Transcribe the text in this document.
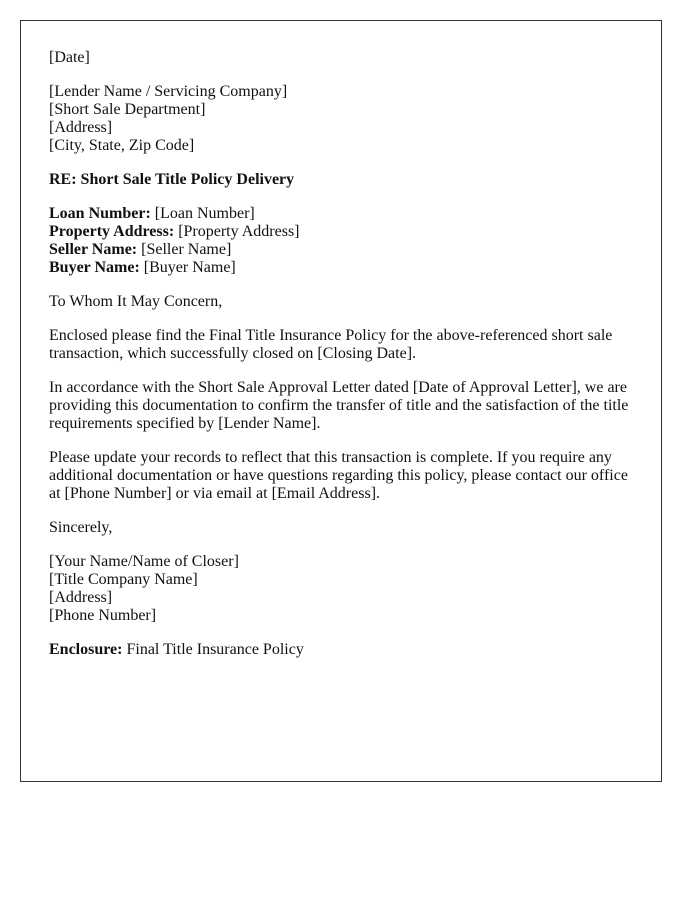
[Date]
[Lender Name / Servicing Company]
[Short Sale Department]
[Address]
[City, State, Zip Code]
RE: Short Sale Title Policy Delivery
Loan Number: [Loan Number]
Property Address: [Property Address]
Seller Name: [Seller Name]
Buyer Name: [Buyer Name]
To Whom It May Concern,
Enclosed please find the Final Title Insurance Policy for the above-referenced short sale transaction, which successfully closed on [Closing Date].
In accordance with the Short Sale Approval Letter dated [Date of Approval Letter], we are providing this documentation to confirm the transfer of title and the satisfaction of the title requirements specified by [Lender Name].
Please update your records to reflect that this transaction is complete. If you require any additional documentation or have questions regarding this policy, please contact our office at [Phone Number] or via email at [Email Address].
Sincerely,
[Your Name/Name of Closer]
[Title Company Name]
[Address]
[Phone Number]
Enclosure: Final Title Insurance Policy
